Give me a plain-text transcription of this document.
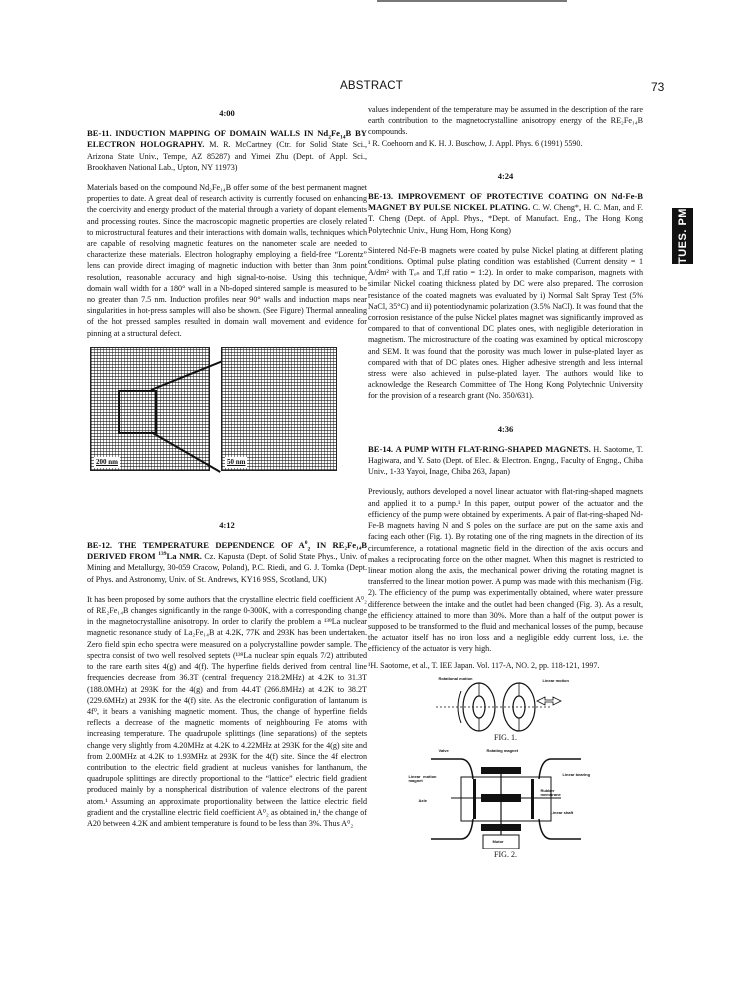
ABSTRACT	73
TUES. PM
4:00
BE-11. INDUCTION MAPPING OF DOMAIN WALLS IN $Nd_2Fe_{14}B$ BY ELECTRON HOLOGRAPHY. M. R. McCartney (Ctr. for Solid State Sci., Arizona State Univ., Tempe, AZ 85287) and Yimei Zhu (Dept. of Appl. Sci., Brookhaven National Lab., Upton, NY 11973)

Materials based on the compound Nd₂Fe₁₄B offer some of the best permanent magnet properties to date. A great deal of research activity is currently focused on enhancing the coercivity and energy product of the material through a variety of dopant elements and processing routes. Since the macroscopic magnetic properties are closely related to microstructural features and their interactions with domain walls, techniques which are capable of resolving magnetic features on the nanometer scale are needed to characterize these materials. Electron holography employing a field-free “Lorentz” lens can provide direct imaging of magnetic induction with better than 3nm point resolution, reasonable accuracy and high signal-to-noise. Using this technique, domain wall width for a 180° wall in a Nb-doped sintered sample is measured to be no greater than 7.5 nm. Induction profiles near 90° walls and induction maps near singularities in hot-press samples will also be shown. (See Figure) Thermal annealing of the hot pressed samples resulted in domain wall movement and evidence for pinning at a structural defect.

200 nm	50 nm
4:12
BE-12. THE TEMPERATURE DEPENDENCE OF $A^0_2$ IN RE₂Fe₁₄B DERIVED FROM $^{139}$La NMR. Cz. Kapusta (Dept. of Solid State Phys., Univ. of Mining and Metallurgy, 30-059 Cracow, Poland), P.C. Riedi, and G. J. Tomka (Dept. of Phys. and Astronomy, Univ. of St. Andrews, KY16 9SS, Scotland, UK)

It has been proposed by some authors that the crystalline electric field coefficient A⁰₂ of RE₂Fe₁₄B changes significantly in the range 0-300K, with a corresponding change in the magnetocrystalline anisotropy. In order to clarify the problem a ¹³⁹La nuclear magnetic resonance study of La₂Fe₁₄B at 4.2K, 77K and 293K has been undertaken. Zero field spin echo spectra were measured on a polycrystalline powder sample. The spectra consist of two well resolved septets (¹³⁹La nuclear spin equals 7/2) attributed to the rare earth sites 4(g) and 4(f). The hyperfine fields derived from central line frequencies decrease from 36.3T (central frequency 218.2MHz) at 4.2K to 31.3T (188.0MHz) at 293K for the 4(g) and from 44.4T (266.8MHz) at 4.2K to 38.2T (229.6MHz) at 293K for the 4(f) site. As the electronic configuration of lantanum is 4f⁰, it bears a vanishing magnetic moment. Thus, the change of hyperfine fields reflects a decrease of the magnetic moments of neighbouring Fe atoms with increasing temperature. The quadrupole splittings (line separations) of the septets change very slightly from 4.20MHz at 4.2K to 4.22MHz at 293K for the 4(g) site and from 2.00MHz at 4.2K to 1.93MHz at 293K for the 4(f) site. Since the 4f electron contribution to the electric field gradient at nucleus vanishes for lanthanum, the quadrupole splittings are directly proportional to the “lattice” electric field gradient produced mainly by a nonspherical distribution of valence electrons of the parent atom.¹ Assuming an approximate proportionality between the lattice electric field gradient and the crystalline electric field coefficient A⁰₂ as obtained in,¹ the change of A20 between 4.2K and ambient temperature is found to be less than 3%. Thus A⁰₂

values independent of the temperature may be assumed in the description of the rare earth contribution to the magnetocrystalline anisotropy energy of the RE₂Fe₁₄B compounds.

¹ R. Coehoorn and K. H. J. Buschow, J. Appl. Phys. 6 (1991) 5590.

4:24
BE-13. IMPROVEMENT OF PROTECTIVE COATING ON Nd-Fe-B MAGNET BY PULSE NICKEL PLATING. C. W. Cheng*, H. C. Man, and F. T. Cheng (Dept. of Appl. Phys., *Dept. of Manufact. Eng., The Hong Kong Polytechnic Univ., Hung Hom, Hong Kong)

Sintered Nd-Fe-B magnets were coated by pulse Nickel plating at different plating conditions. Optimal pulse plating condition was established (Current density = 1 A/dm² with Tₒₙ and Tₒff ratio = 1:2). In order to make comparison, magnets with similar Nickel coating thickness plated by DC were also prepared. The corrosion resistance of the coated magnets was evaluated by i) Normal Salt Spray Test (5% NaCl, 35°C) and ii) potentiodynamic polarization (3.5% NaCl). It was found that the corrosion resistance of the pulse Nickel plates magnet was significantly improved as compared to that of conventional DC plates ones, with negligible deterioration in magnetism. The microstructure of the coating was examined by optical microscopy and SEM. It was found that the porosity was much lower in pulse-plated layer as compared with that of DC plates ones. Higher adhesive strength and less internal stress were also achieved in pulse-plated layer. The authors would like to acknowledge the Research Committee of The Hong Kong Polytechnic University for the provision of a research grant (No. 350/631).

4:36
BE-14. A PUMP WITH FLAT-RING-SHAPED MAGNETS. H. Saotome, T. Hagiwara, and Y. Sato (Dept. of Elec. & Electron. Engng., Faculty of Engng., Chiba Univ., 1-33 Yayoi, Inage, Chiba 263, Japan)

Previously, authors developed a novel linear actuator with flat-ring-shaped magnets and applied it to a pump.¹ In this paper, output power of the actuator and the efficiency of the pump were obtained by experiments. A pair of flat-ring-shaped Nd-Fe-B magnets having N and S poles on the surface are put on the same axis and facing each other (Fig. 1). By rotating one of the ring magnets in the direction of its circumference, a rotational magnetic field in the direction of the axis occurs and makes a reciprocating force on the other magnet. When this magnet is restricted to linear motion along the axis, the mechanical power driving the rotating magnet is transferred to the linear motion power. A pump was made with this mechanism (Fig. 2). The efficiency of the pump was experimentally obtained, where water pressure difference between the intake and the outlet had been changed (Fig. 3). As a result, the efficiency attained to more than 30%. More than a half of the output power is supposed to be transformed to the fluid and mechanical losses of the pump, because the actuator itself has no iron loss and a negligible eddy current loss, i.e. the efficiency of the actuator is very high.

¹H. Saotome, et al., T. IEE Japan. Vol. 117-A, NO. 2, pp. 118-121, 1997.

Rotational motion	Linear motion
FIG. 1.
Valve	Rotating magnet
Linear motion magnet
Axle
Linear bearing
Rubber membrane
Linear shaft
Motor
FIG. 2.
